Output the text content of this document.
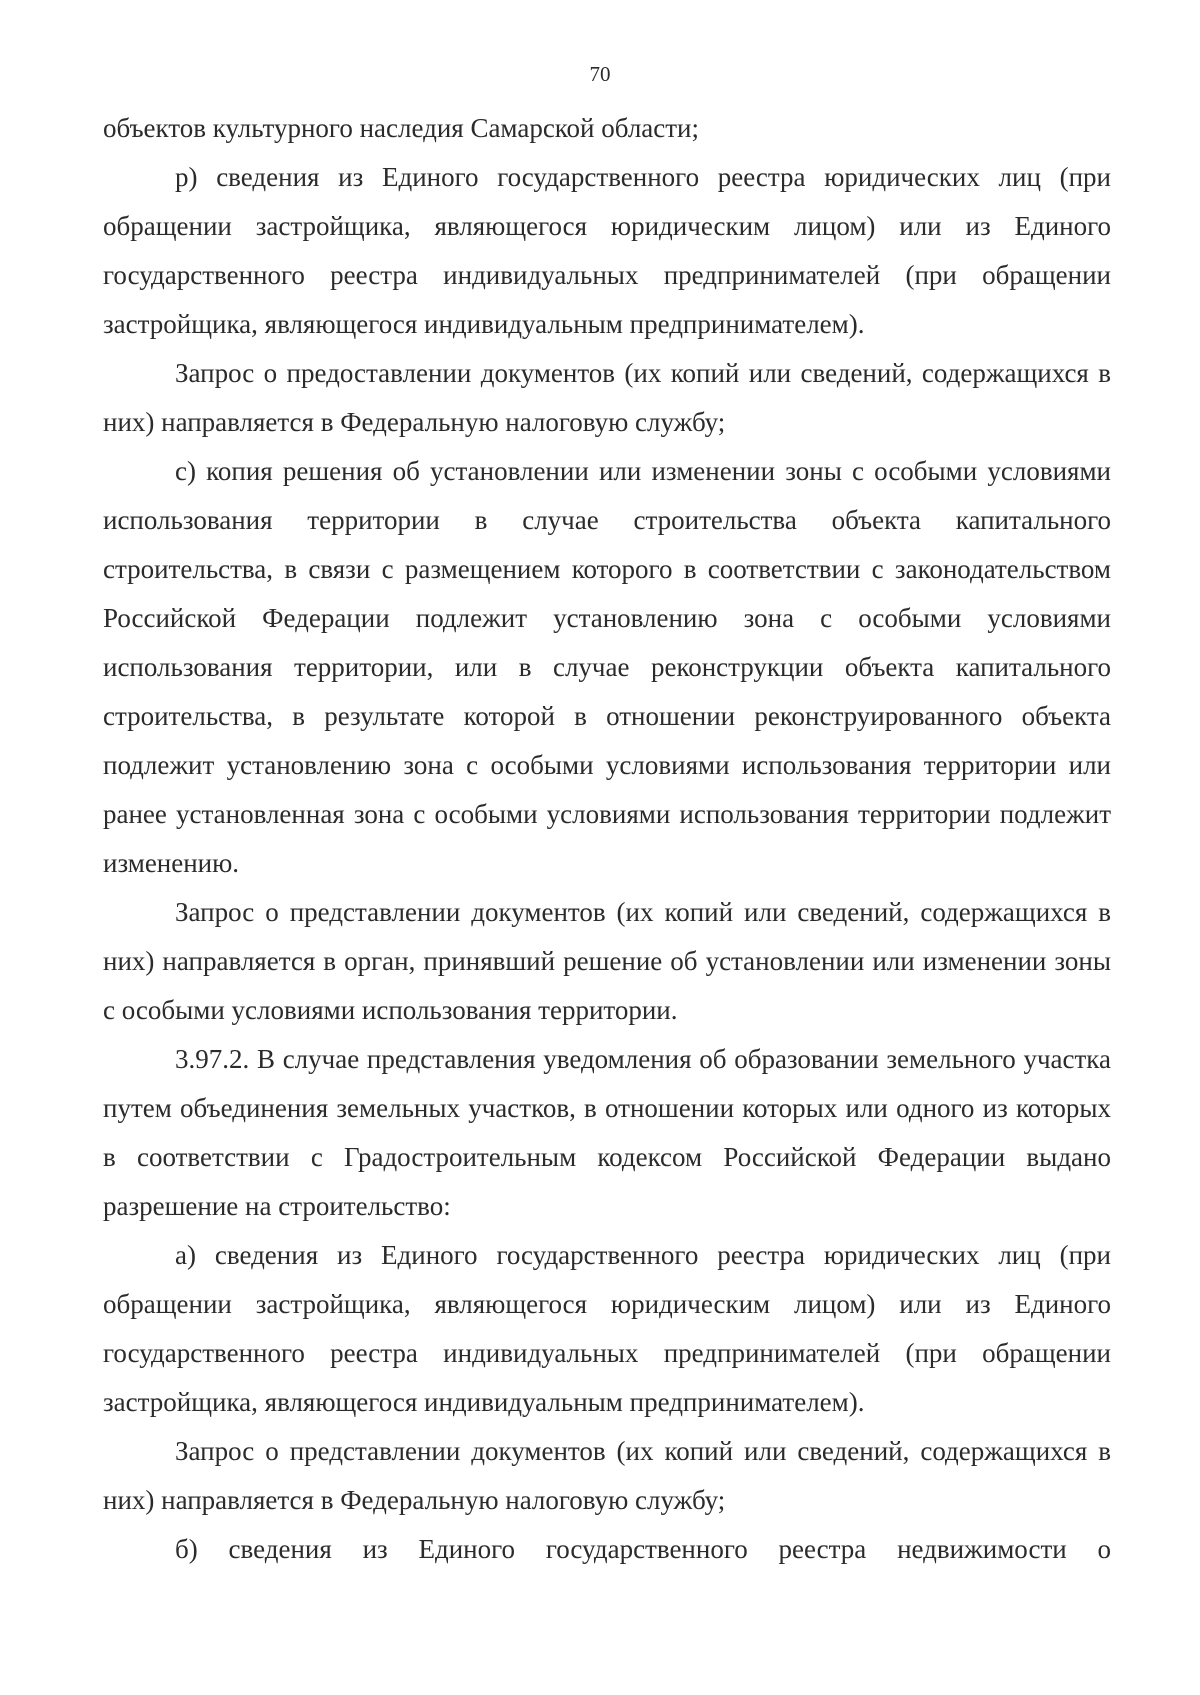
70

объектов культурного наследия Самарской области;

р) сведения из Единого государственного реестра юридических лиц (при обращении застройщика, являющегося юридическим лицом) или из Единого государственного реестра индивидуальных предпринимателей (при обращении застройщика, являющегося индивидуальным предпринимателем).

Запрос о предоставлении документов (их копий или сведений, содержащихся в них) направляется в Федеральную налоговую службу;

с) копия решения об установлении или изменении зоны с особыми условиями использования территории в случае строительства объекта капитального строительства, в связи с размещением которого в соответствии с законодательством Российской Федерации подлежит установлению зона с особыми условиями использования территории, или в случае реконструкции объекта капитального строительства, в результате которой в отношении реконструированного объекта подлежит установлению зона с особыми условиями использования территории или ранее установленная зона с особыми условиями использования территории подлежит изменению.

Запрос о представлении документов (их копий или сведений, содержащихся в них) направляется в орган, принявший решение об установлении или изменении зоны с особыми условиями использования территории.

3.97.2. В случае представления уведомления об образовании земельного участка путем объединения земельных участков, в отношении которых или одного из которых в соответствии с Градостроительным кодексом Российской Федерации выдано разрешение на строительство:

а) сведения из Единого государственного реестра юридических лиц (при обращении застройщика, являющегося юридическим лицом) или из Единого государственного реестра индивидуальных предпринимателей (при обращении застройщика, являющегося индивидуальным предпринимателем).

Запрос о представлении документов (их копий или сведений, содержащихся в них) направляется в Федеральную налоговую службу;

б) сведения из Единого государственного реестра недвижимости о
